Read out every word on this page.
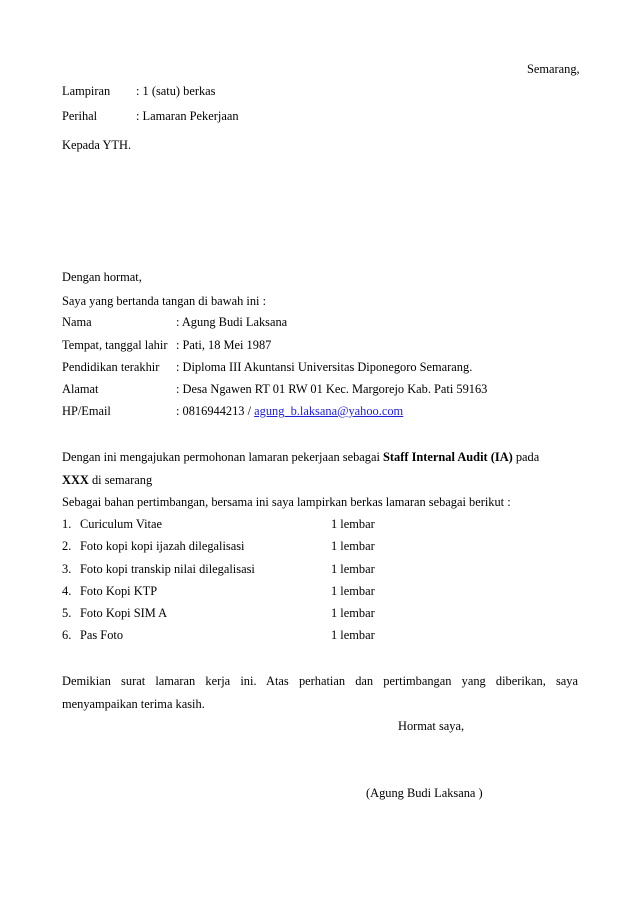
Semarang,
Lampiran : 1 (satu) berkas
Perihal	: Lamaran Pekerjaan
Kepada YTH.
Dengan hormat,
Saya yang bertanda tangan di bawah ini :
Nama	: Agung Budi Laksana
Tempat, tanggal lahir : Pati, 18 Mei 1987
Pendidikan terakhir : Diploma III Akuntansi Universitas Diponegoro Semarang.
Alamat	: Desa Ngawen RT 01 RW 01 Kec. Margorejo Kab. Pati 59163
HP/Email	: 0816944213 / agung_b.laksana@yahoo.com
Dengan ini mengajukan permohonan lamaran pekerjaan sebagai Staff Internal Audit (IA) pada
XXX di semarang
Sebagai bahan pertimbangan, bersama ini saya lampirkan berkas lamaran sebagai berikut :
1. Curiculum Vitae	1 lembar
2. Foto kopi kopi ijazah dilegalisasi	1 lembar
3. Foto kopi transkip nilai dilegalisasi	1 lembar
4. Foto Kopi KTP	1 lembar
5. Foto Kopi SIM A	1 lembar
6. Pas Foto	1 lembar
Demikian surat lamaran kerja ini. Atas perhatian dan pertimbangan yang diberikan, saya
menyampaikan terima kasih.
Hormat saya,
(Agung Budi Laksana )
